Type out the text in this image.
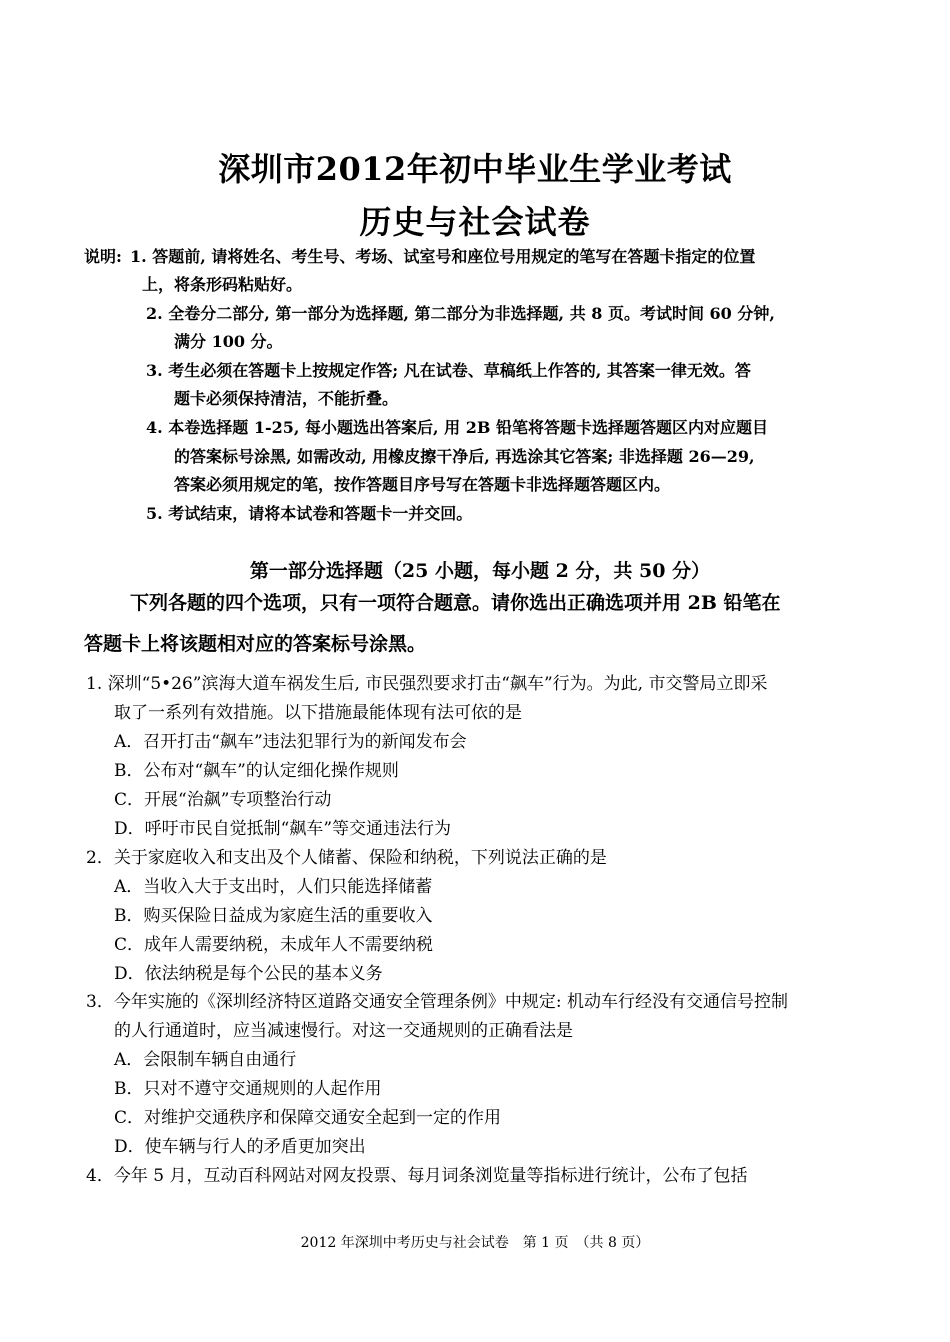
深圳市2012年初中毕业生学业考试
历史与社会试卷
说明: 1. 答题前, 请将姓名、考生号、考场、试室号和座位号用规定的笔写在答题卡指定的位置
上，将条形码粘贴好。
2. 全卷分二部分, 第一部分为选择题, 第二部分为非选择题, 共 8 页。考试时间 60 分钟,
满分 100 分。
3. 考生必须在答题卡上按规定作答; 凡在试卷、草稿纸上作答的, 其答案一律无效。答
题卡必须保持清洁，不能折叠。
4. 本卷选择题 1-25, 每小题选出答案后, 用 2B 铅笔将答题卡选择题答题区内对应题目
的答案标号涂黑, 如需改动, 用橡皮擦干净后, 再选涂其它答案; 非选择题 26—29,
答案必须用规定的笔，按作答题目序号写在答题卡非选择题答题区内。
5. 考试结束，请将本试卷和答题卡一并交回。
第一部分选择题（25 小题，每小题 2 分，共 50 分）
下列各题的四个选项，只有一项符合题意。请你选出正确选项并用 2B 铅笔在
答题卡上将该题相对应的答案标号涂黑。
1. 深圳“5•26”滨海大道车祸发生后, 市民强烈要求打击“飙车”行为。为此, 市交警局立即采
取了一系列有效措施。以下措施最能体现有法可依的是
A．召开打击“飙车”违法犯罪行为的新闻发布会
B．公布对“飙车”的认定细化操作规则
C．开展“治飙”专项整治行动
D．呼吁市民自觉抵制“飙车”等交通违法行为
2．关于家庭收入和支出及个人储蓄、保险和纳税，下列说法正确的是
A．当收入大于支出时，人们只能选择储蓄
B．购买保险日益成为家庭生活的重要收入
C．成年人需要纳税，未成年人不需要纳税
D．依法纳税是每个公民的基本义务
3．今年实施的《深圳经济特区道路交通安全管理条例》中规定: 机动车行经没有交通信号控制
的人行通道时，应当减速慢行。对这一交通规则的正确看法是
A．会限制车辆自由通行
B．只对不遵守交通规则的人起作用
C．对维护交通秩序和保障交通安全起到一定的作用
D．使车辆与行人的矛盾更加突出
4．今年 5 月，互动百科网站对网友投票、每月词条浏览量等指标进行统计，公布了包括
2012 年深圳中考历史与社会试卷　第 1 页　（共 8 页）
